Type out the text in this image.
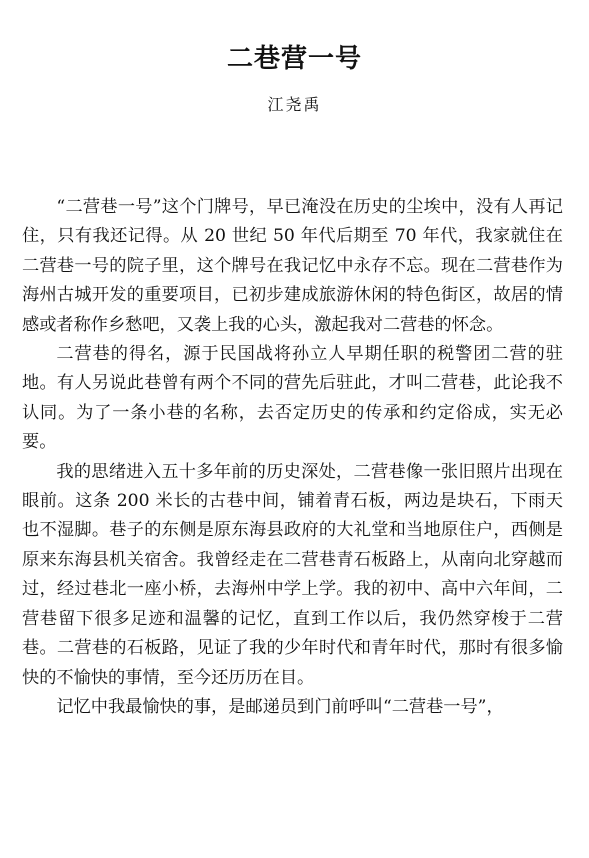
二巷营一号
江尧禹

“二营巷一号”这个门牌号，早已淹没在历史的尘埃中，没有人再记住，只有我还记得。从 20 世纪 50 年代后期至 70 年代，我家就住在二营巷一号的院子里，这个牌号在我记忆中永存不忘。现在二营巷作为海州古城开发的重要项目，已初步建成旅游休闲的特色街区，故居的情感或者称作乡愁吧，又袭上我的心头，激起我对二营巷的怀念。

二营巷的得名，源于民国战将孙立人早期任职的税警团二营的驻地。有人另说此巷曾有两个不同的营先后驻此，才叫二营巷，此论我不认同。为了一条小巷的名称，去否定历史的传承和约定俗成，实无必要。

我的思绪进入五十多年前的历史深处，二营巷像一张旧照片出现在眼前。这条 200 米长的古巷中间，铺着青石板，两边是块石，下雨天也不湿脚。巷子的东侧是原东海县政府的大礼堂和当地原住户，西侧是原来东海县机关宿舍。我曾经走在二营巷青石板路上，从南向北穿越而过，经过巷北一座小桥，去海州中学上学。我的初中、高中六年间，二营巷留下很多足迹和温馨的记忆，直到工作以后，我仍然穿梭于二营巷。二营巷的石板路，见证了我的少年时代和青年时代，那时有很多愉快的不愉快的事情，至今还历历在目。

记忆中我最愉快的事，是邮递员到门前呼叫“二营巷一号”，
